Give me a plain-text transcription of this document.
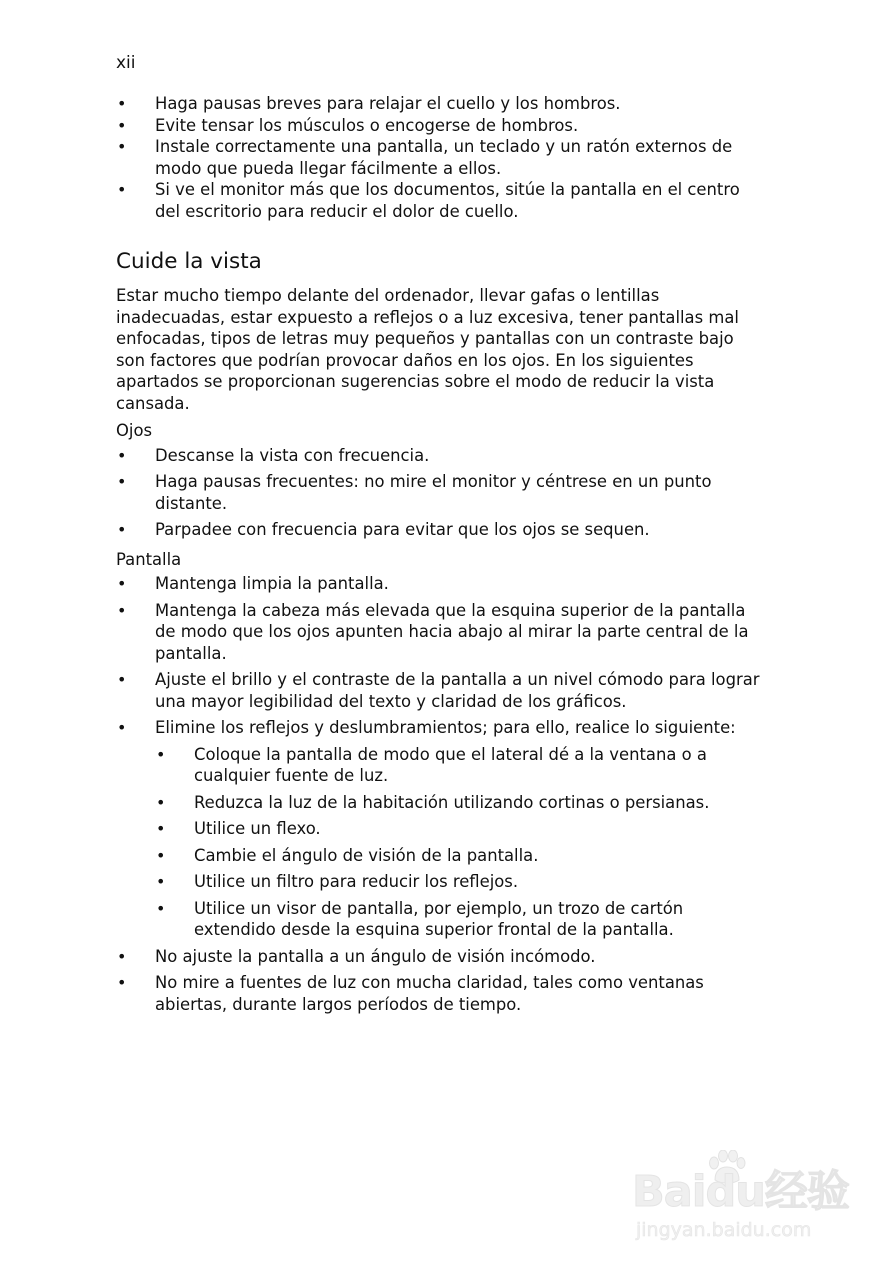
xii
• Haga pausas breves para relajar el cuello y los hombros.
• Evite tensar los músculos o encogerse de hombros.
• Instale correctamente una pantalla, un teclado y un ratón externos de modo que pueda llegar fácilmente a ellos.
• Si ve el monitor más que los documentos, sitúe la pantalla en el centro del escritorio para reducir el dolor de cuello.
Cuide la vista

Estar mucho tiempo delante del ordenador, llevar gafas o lentillas inadecuadas, estar expuesto a reflejos o a luz excesiva, tener pantallas mal enfocadas, tipos de letras muy pequeños y pantallas con un contraste bajo son factores que podrían provocar daños en los ojos. En los siguientes apartados se proporcionan sugerencias sobre el modo de reducir la vista cansada.

Ojos
• Descanse la vista con frecuencia.
• Haga pausas frecuentes: no mire el monitor y céntrese en un punto distante.
• Parpadee con frecuencia para evitar que los ojos se sequen.
Pantalla
• Mantenga limpia la pantalla.
• Mantenga la cabeza más elevada que la esquina superior de la pantalla de modo que los ojos apunten hacia abajo al mirar la parte central de la pantalla.
• Ajuste el brillo y el contraste de la pantalla a un nivel cómodo para lograr una mayor legibilidad del texto y claridad de los gráficos.
• Elimine los reflejos y deslumbramientos; para ello, realice lo siguiente:
• Coloque la pantalla de modo que el lateral dé a la ventana o a cualquier fuente de luz.
• Reduzca la luz de la habitación utilizando cortinas o persianas.
• Utilice un flexo.
• Cambie el ángulo de visión de la pantalla.
• Utilice un filtro para reducir los reflejos.
• Utilice un visor de pantalla, por ejemplo, un trozo de cartón extendido desde la esquina superior frontal de la pantalla.
• No ajuste la pantalla a un ángulo de visión incómodo.
• No mire a fuentes de luz con mucha claridad, tales como ventanas abiertas, durante largos períodos de tiempo.
Baidu经验
jingyan.baidu.com
